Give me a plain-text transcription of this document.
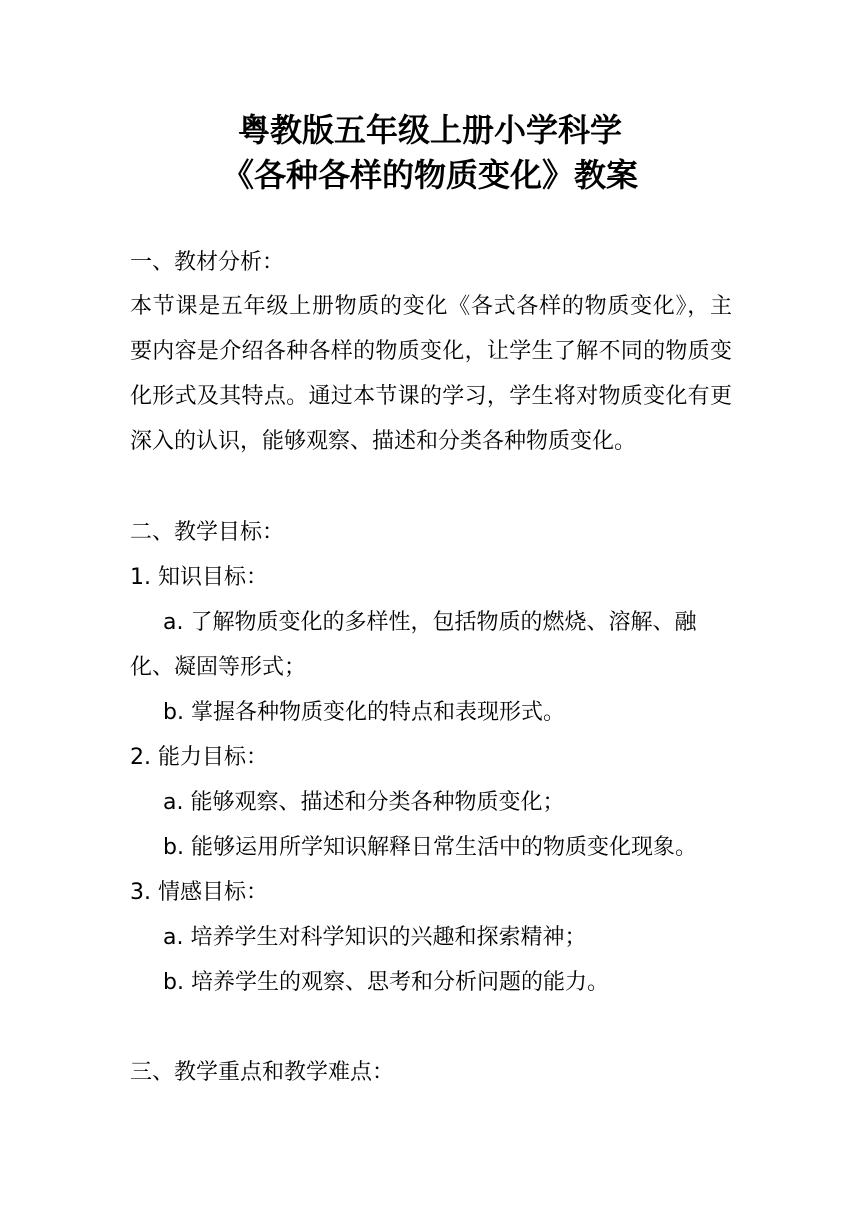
粤教版五年级上册小学科学
《各种各样的物质变化》教案
一、教材分析：
本节课是五年级上册物质的变化《各式各样的物质变化》，主要内容是介绍各种各样的物质变化，让学生了解不同的物质变化形式及其特点。通过本节课的学习，学生将对物质变化有更深入的认识，能够观察、描述和分类各种物质变化。
二、教学目标：
1. 知识目标：
a. 了解物质变化的多样性，包括物质的燃烧、溶解、融
化、凝固等形式；
b. 掌握各种物质变化的特点和表现形式。
2. 能力目标：
a. 能够观察、描述和分类各种物质变化；
b. 能够运用所学知识解释日常生活中的物质变化现象。
3. 情感目标：
a. 培养学生对科学知识的兴趣和探索精神；
b. 培养学生的观察、思考和分析问题的能力。
三、教学重点和教学难点：
